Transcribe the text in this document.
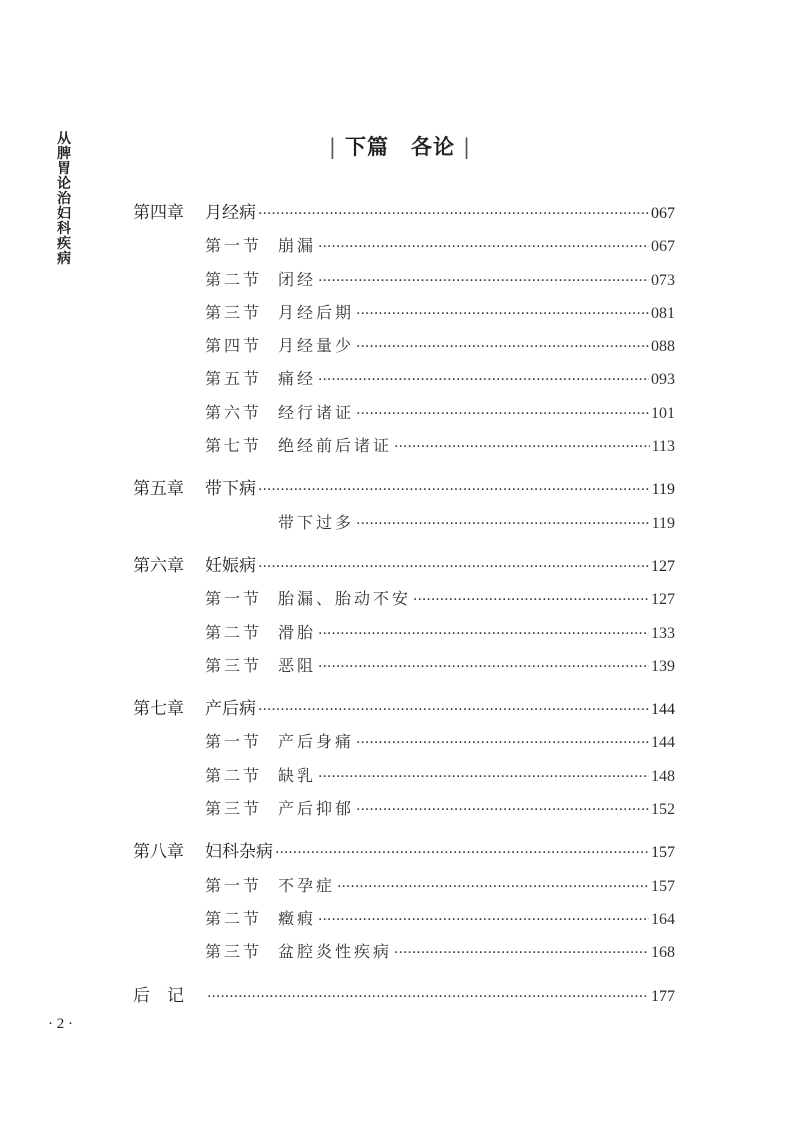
从脾胃论治妇科疾病
| 下篇　各论 |
第四章	月经病 ·····	067
第一节 崩漏 ·····	067
第二节 闭经 ·····	073
第三节 月经后期 ·····	081
第四节 月经量少 ·····	088
第五节 痛经 ·····	093
第六节 经行诸证 ·····	101
第七节 绝经前后诸证 ·····	113
第五章	带下病 ·····	119
带下过多 ·····	119
第六章	妊娠病 ·····	127
第一节 胎漏、胎动不安 ·····	127
第二节 滑胎 ·····	133
第三节 恶阻 ·····	139
第七章	产后病 ·····	144
第一节 产后身痛 ·····	144
第二节 缺乳 ·····	148
第三节 产后抑郁 ·····	152
第八章	妇科杂病 ·····	157
第一节 不孕症 ·····	157
第二节 癥瘕 ·····	164
第三节 盆腔炎性疾病 ·····	168
后　记 ·····	177
· 2 ·
